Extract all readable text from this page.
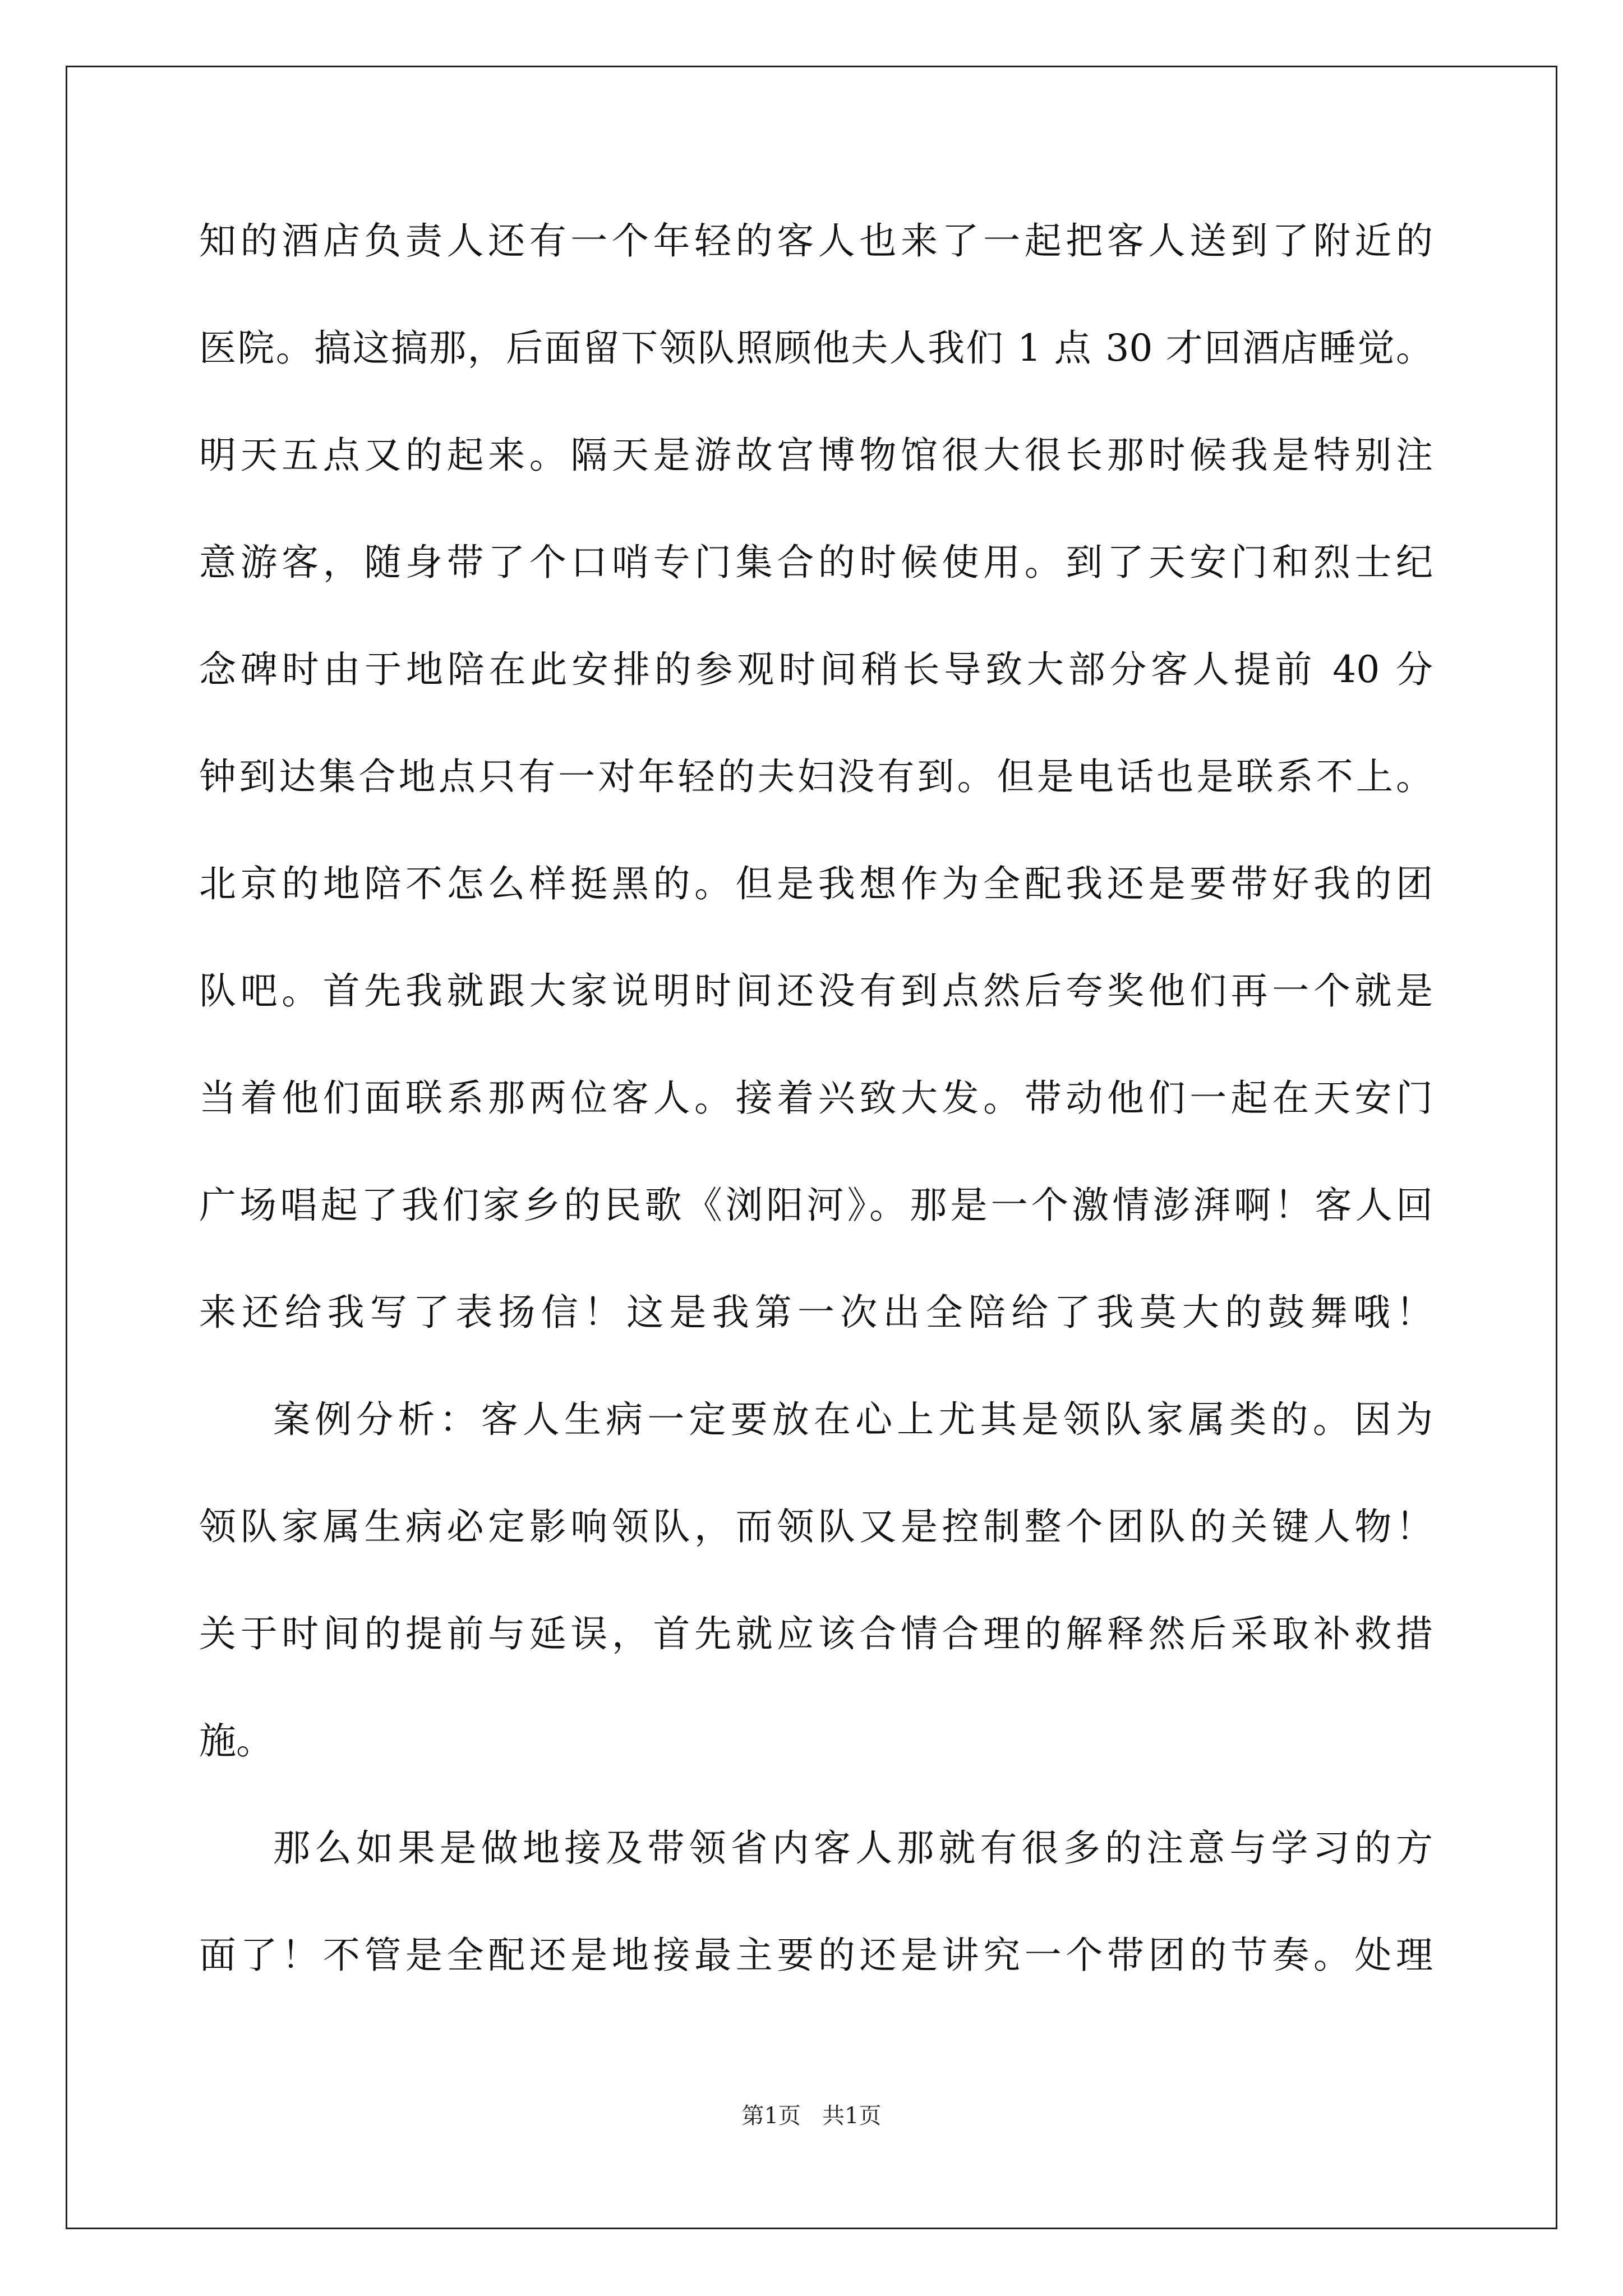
知的酒店负责人还有一个年轻的客人也来了一起把客人送到了附近的
医院。搞这搞那，后面留下领队照顾他夫人我们 1 点 30 才回酒店睡觉。
明天五点又的起来。隔天是游故宫博物馆很大很长那时候我是特别注
意游客，随身带了个口哨专门集合的时候使用。到了天安门和烈士纪
念碑时由于地陪在此安排的参观时间稍长导致大部分客人提前 40 分
钟到达集合地点只有一对年轻的夫妇没有到。但是电话也是联系不上。
北京的地陪不怎么样挺黑的。但是我想作为全配我还是要带好我的团
队吧。首先我就跟大家说明时间还没有到点然后夸奖他们再一个就是
当着他们面联系那两位客人。接着兴致大发。带动他们一起在天安门
广场唱起了我们家乡的民歌《浏阳河》。那是一个激情澎湃啊！客人回
来还给我写了表扬信！这是我第一次出全陪给了我莫大的鼓舞哦！
案例分析：客人生病一定要放在心上尤其是领队家属类的。因为
领队家属生病必定影响领队，而领队又是控制整个团队的关键人物！
关于时间的提前与延误，首先就应该合情合理的解释然后采取补救措
施。
那么如果是做地接及带领省内客人那就有很多的注意与学习的方
面了！不管是全配还是地接最主要的还是讲究一个带团的节奏。处理
第1页   共1页
